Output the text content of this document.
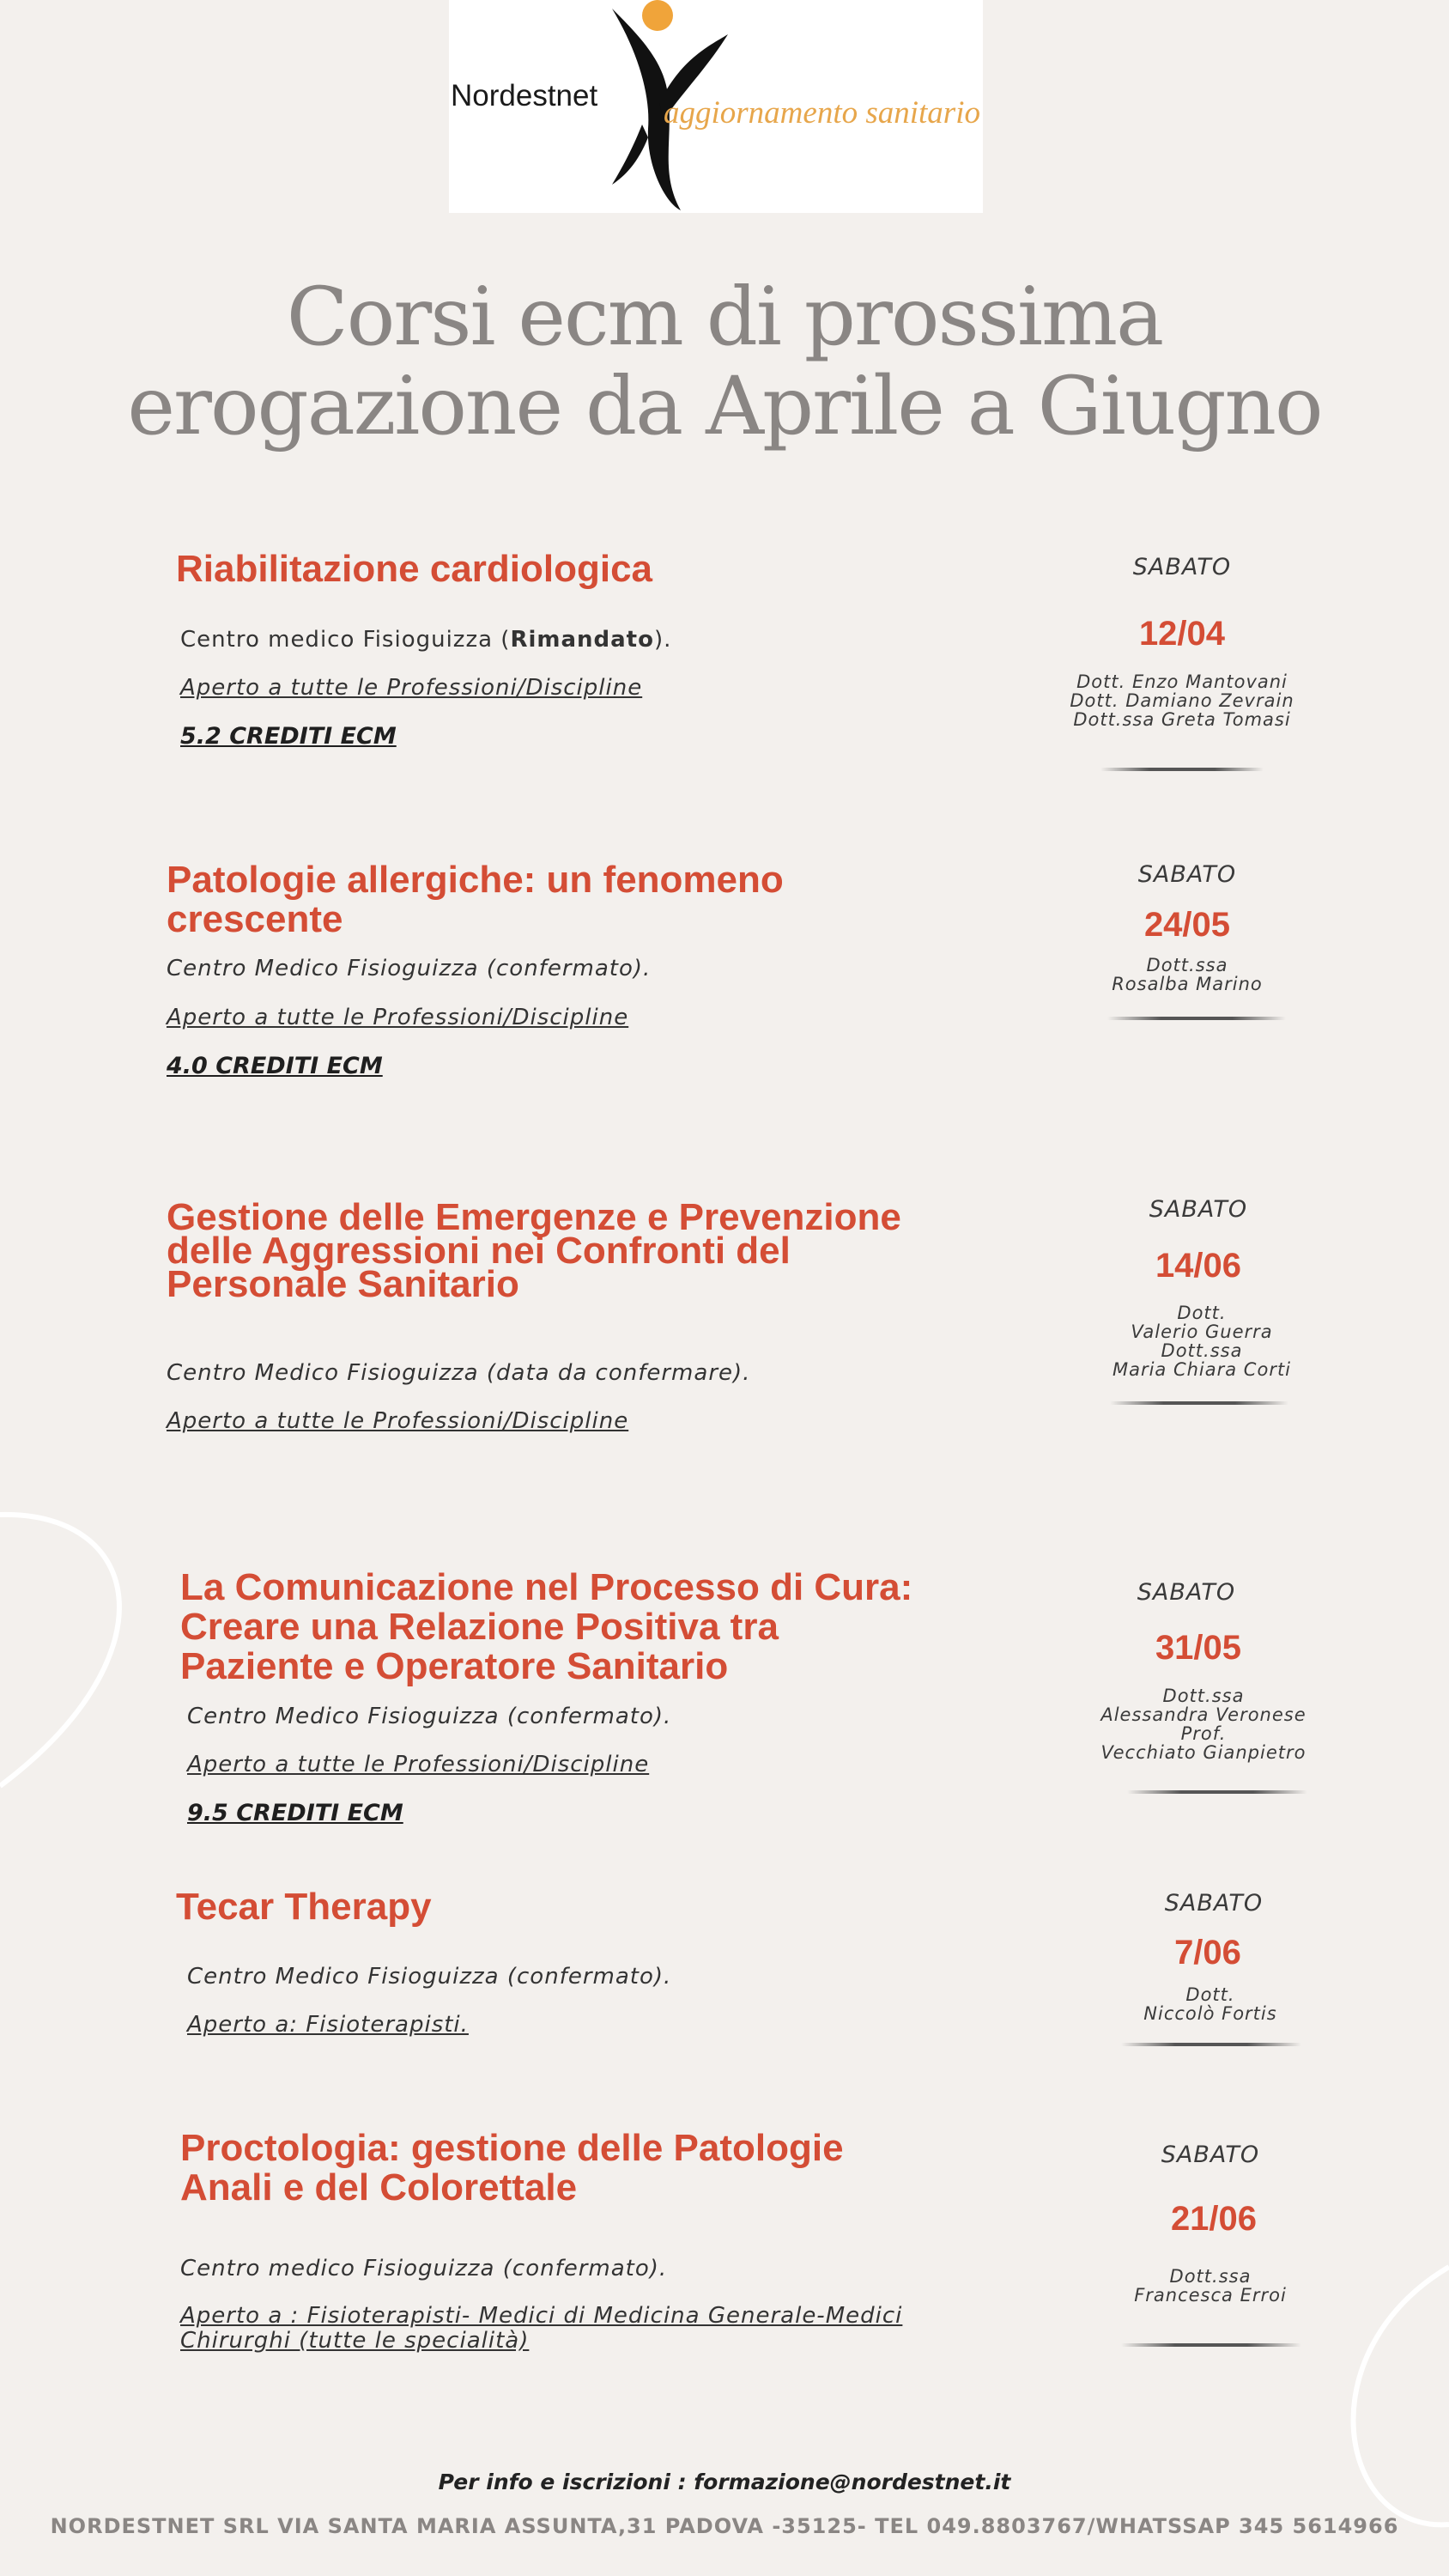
Nordestnet aggiornamento sanitario
Corsi ecm di prossima
erogazione da Aprile a Giugno
Riabilitazione cardiologica
Centro medico Fisioguizza (Rimandato).
Aperto a tutte le Professioni/Discipline
5.2 CREDITI ECM
SABATO
12/04
Dott. Enzo Mantovani
Dott. Damiano Zevrain
Dott.ssa Greta Tomasi
Patologie allergiche: un fenomeno
crescente
Centro Medico Fisioguizza (confermato).
Aperto a tutte le Professioni/Discipline
4.0 CREDITI ECM
SABATO
24/05
Dott.ssa
Rosalba Marino
Gestione delle Emergenze e Prevenzione
delle Aggressioni nei Confronti del
Personale Sanitario
Centro Medico Fisioguizza (data da confermare).
Aperto a tutte le Professioni/Discipline
SABATO
14/06
Dott.
Valerio Guerra
Dott.ssa
Maria Chiara Corti
La Comunicazione nel Processo di Cura:
Creare una Relazione Positiva tra
Paziente e Operatore Sanitario
Centro Medico Fisioguizza (confermato).
Aperto a tutte le Professioni/Discipline
9.5 CREDITI ECM
SABATO
31/05
Dott.ssa
Alessandra Veronese
Prof.
Vecchiato Gianpietro
Tecar Therapy
Centro Medico Fisioguizza (confermato).
Aperto a: Fisioterapisti.
SABATO
7/06
Dott.
Niccolò Fortis
Proctologia: gestione delle Patologie
Anali e del Colorettale
Centro medico Fisioguizza (confermato).
Aperto a : Fisioterapisti- Medici di Medicina Generale-Medici
Chirurghi (tutte le specialità)
SABATO
21/06
Dott.ssa
Francesca Erroi
Per info e iscrizioni : formazione@nordestnet.it
NORDESTNET SRL VIA SANTA MARIA ASSUNTA,31 PADOVA -35125- TEL 049.8803767/WHATSSAP 345 5614966
